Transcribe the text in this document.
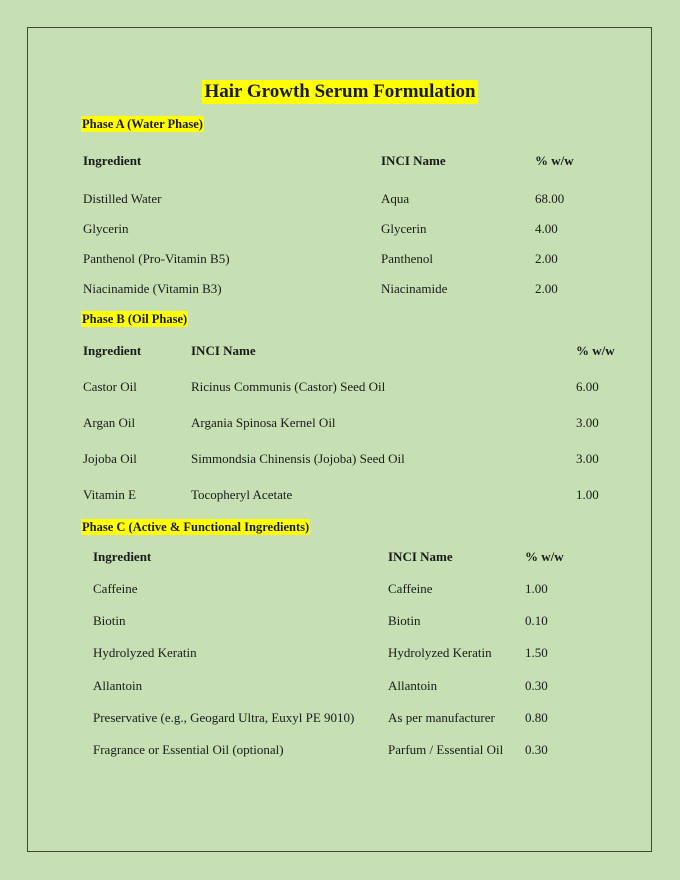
Hair Growth Serum Formulation
Phase A (Water Phase)
Ingredient	INCI Name	% w/w

Distilled Water	Aqua	68.00
Glycerin	Glycerin	4.00
Panthenol (Pro-Vitamin B5)	Panthenol	2.00
Niacinamide (Vitamin B3)	Niacinamide	2.00
Phase B (Oil Phase)
Ingredient	INCI Name	% w/w
Castor Oil	Ricinus Communis (Castor) Seed Oil	6.00
Argan Oil	Argania Spinosa Kernel Oil	3.00
Jojoba Oil	Simmondsia Chinensis (Jojoba) Seed Oil	3.00
Vitamin E	Tocopheryl Acetate	1.00
Phase C (Active & Functional Ingredients)
Ingredient	INCI Name	% w/w
Caffeine	Caffeine	1.00
Biotin	Biotin	0.10
Hydrolyzed Keratin	Hydrolyzed Keratin	1.50
Allantoin	Allantoin	0.30
Preservative (e.g., Geogard Ultra, Euxyl PE 9010)	As per manufacturer	0.80
Fragrance or Essential Oil (optional)	Parfum / Essential Oil	0.30
